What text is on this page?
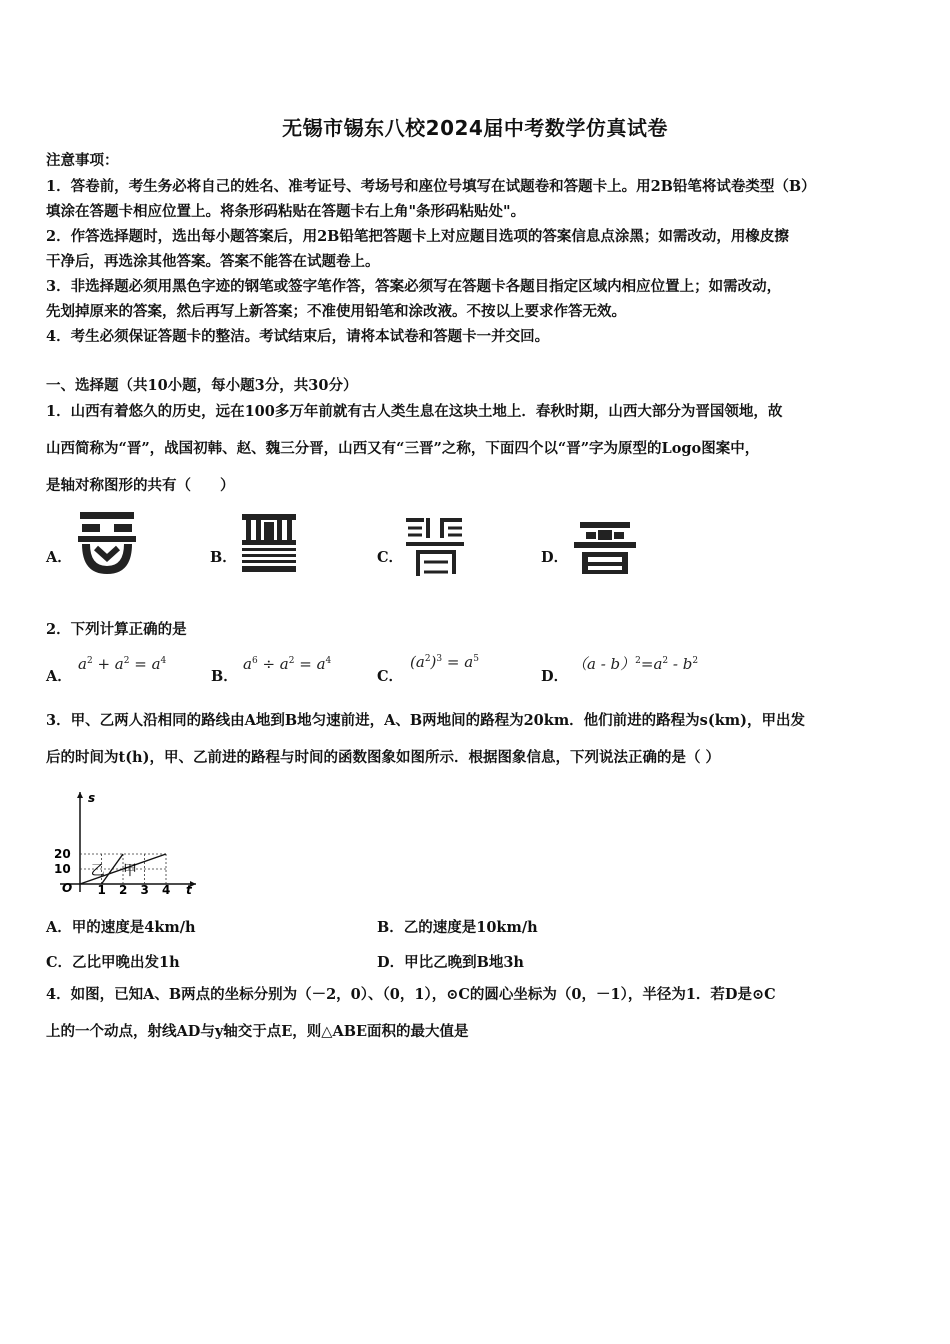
无锡市锡东八校2024届中考数学仿真试卷
注意事项：
1．答卷前，考生务必将自己的姓名、准考证号、考场号和座位号填写在试题卷和答题卡上。用2B铅笔将试卷类型（B）
填涂在答题卡相应位置上。将条形码粘贴在答题卡右上角"条形码粘贴处"。
2．作答选择题时，选出每小题答案后，用2B铅笔把答题卡上对应题目选项的答案信息点涂黑；如需改动，用橡皮擦
干净后，再选涂其他答案。答案不能答在试题卷上。
3．非选择题必须用黑色字迹的钢笔或签字笔作答，答案必须写在答题卡各题目指定区域内相应位置上；如需改动，
先划掉原来的答案，然后再写上新答案；不准使用铅笔和涂改液。不按以上要求作答无效。
4．考生必须保证答题卡的整洁。考试结束后，请将本试卷和答题卡一并交回。
一、选择题（共10小题，每小题3分，共30分）
1．山西有着悠久的历史，远在100多万年前就有古人类生息在这块土地上．春秋时期，山西大部分为晋国领地，故
山西简称为“晋”，战国初韩、赵、魏三分晋，山西又有“三晋”之称，下面四个以“晋”字为原型的Logo图案中，
是轴对称图形的共有（　　）
A．	B．	C．	D．
2．下列计算正确的是
A．
$a^2 + a^2 = a^4$
B．
$a^6 \div a^2 = a^4$
C．
$(a^2)^3 = a^5$
D．
$(a - b)^2=a^2 - b^2$
3．甲、乙两人沿相同的路线由A地到B地匀速前进，A、B两地间的路程为20km．他们前进的路程为s(km)，甲出发
后的时间为t(h)，甲、乙前进的路程与时间的函数图象如图所示．根据图象信息，下列说法正确的是（ ）
s
t
O 1 2 3 4
10
20
甲
乙
A．甲的速度是4km/h	B．乙的速度是10km/h
C．乙比甲晚出发1h	D．甲比乙晚到B地3h
4．如图，已知A、B两点的坐标分别为（－2，0）、（0，1），⊙C的圆心坐标为（0，－1），半径为1．若D是⊙C
上的一个动点，射线AD与y轴交于点E，则△ABE面积的最大值是
